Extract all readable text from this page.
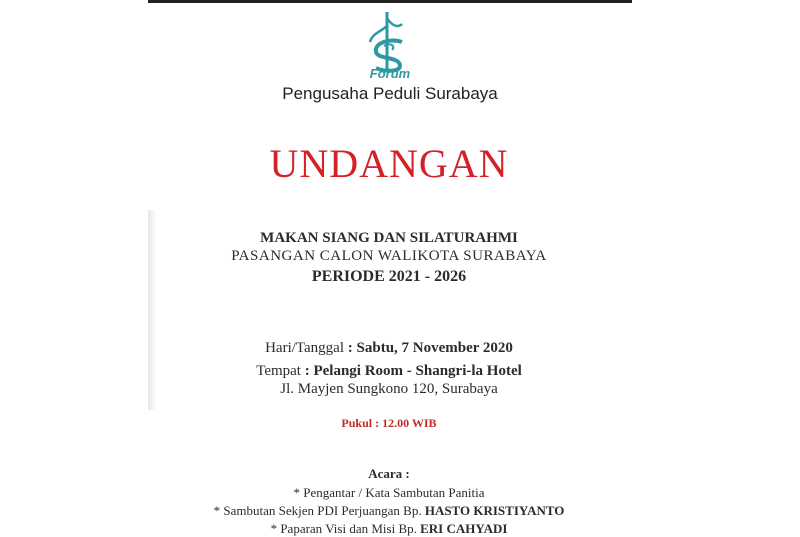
Forum
Pengusaha Peduli Surabaya
UNDANGAN
MAKAN SIANG DAN SILATURAHMI
PASANGAN CALON WALIKOTA SURABAYA
PERIODE 2021 - 2026
Hari/Tanggal : Sabtu, 7 November 2020
Tempat : Pelangi Room - Shangri-la Hotel
Jl. Mayjen Sungkono 120, Surabaya
Pukul : 12.00 WIB
Acara :
* Pengantar / Kata Sambutan Panitia
* Sambutan Sekjen PDI Perjuangan Bp. HASTO KRISTIYANTO
* Paparan Visi dan Misi Bp. ERI CAHYADI
